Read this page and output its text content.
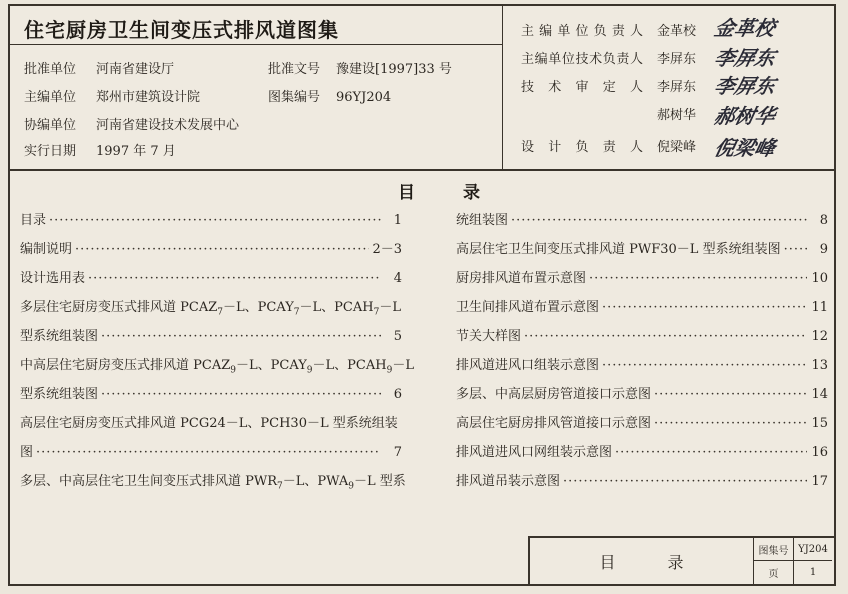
住宅厨房卫生间变压式排风道图集
批准单位 河南省建设厅	批准文号 豫建设[1997]33 号
主编单位 郑州市建筑设计院	图集编号 96YJ204
协编单位 河南省建设技术发展中心
实行日期 1997 年 7 月
主编单位负责人 金革校 金革校
主编单位技术负责人 李屏东 李屏东
技术审定人 李屏东 李屏东
郝树华 郝树华
设计负责人 倪梁峰 倪梁峰
目录
目录 ·····	1
编制说明 ·····	2－3
设计选用表 ·····	4
多层住宅厨房变压式排风道 $PCAZ_7-L$、$PCAY_7-L$、$PCAH_7-L$
型系统组装图 ·····	5
中高层住宅厨房变压式排风道 $PCAZ_9-L$、$PCAY_9-L$、$PCAH_9-L$
型系统组装图 ·····	6
高层住宅厨房变压式排风道 PCG24－L、PCH30－L 型系统组装
图 ·····	7
多层、中高层住宅卫生间变压式排风道 $PWR_7-L$、$PWA_9-L$ 型系
统组装图 ·····	8
高层住宅卫生间变压式排风道 PWF30－L 型系统组装图 ·····	9
厨房排风道布置示意图 ·····	10
卫生间排风道布置示意图 ·····	11
节关大样图 ·····	12
排风道进风口组装示意图 ·····	13
多层、中高层厨房管道接口示意图 ·····	14
高层住宅厨房排风管道接口示意图 ·····	15
排风道进风口网组装示意图 ·····	16
排风道吊装示意图 ·····	17
目录
图集号 YJ204
页	1
